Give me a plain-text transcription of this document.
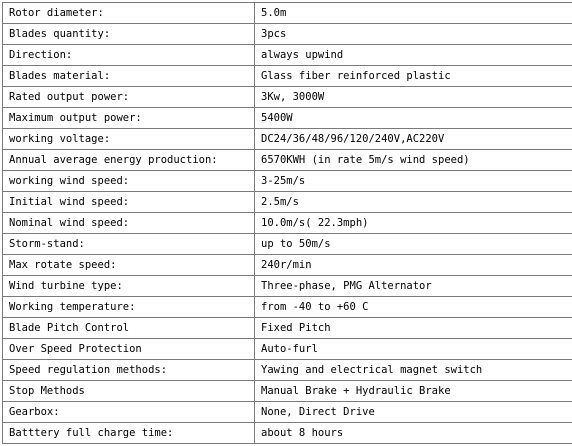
Rotor diameter:	5.0m
Blades quantity:	3pcs
Direction:	always upwind
Blades material:	Glass fiber reinforced plastic
Rated output power:	3Kw, 3000W
Maximum output power:	5400W
working voltage:	DC24/36/48/96/120/240V,AC220V
Annual average energy production:	6570KWH (in rate 5m/s wind speed)
working wind speed:	3-25m/s
Initial wind speed:	2.5m/s
Nominal wind speed:	10.0m/s( 22.3mph)
Storm-stand:	up to 50m/s
Max rotate speed:	240r/min
Wind turbine type:	Three-phase, PMG Alternator
Working temperature:	from -40 to +60 C
Blade Pitch Control	Fixed Pitch
Over Speed Protection	Auto-furl
Speed regulation methods:	Yawing and electrical magnet switch
Stop Methods	Manual Brake + Hydraulic Brake
Gearbox:	None, Direct Drive
Batttery full charge time:	about 8 hours
